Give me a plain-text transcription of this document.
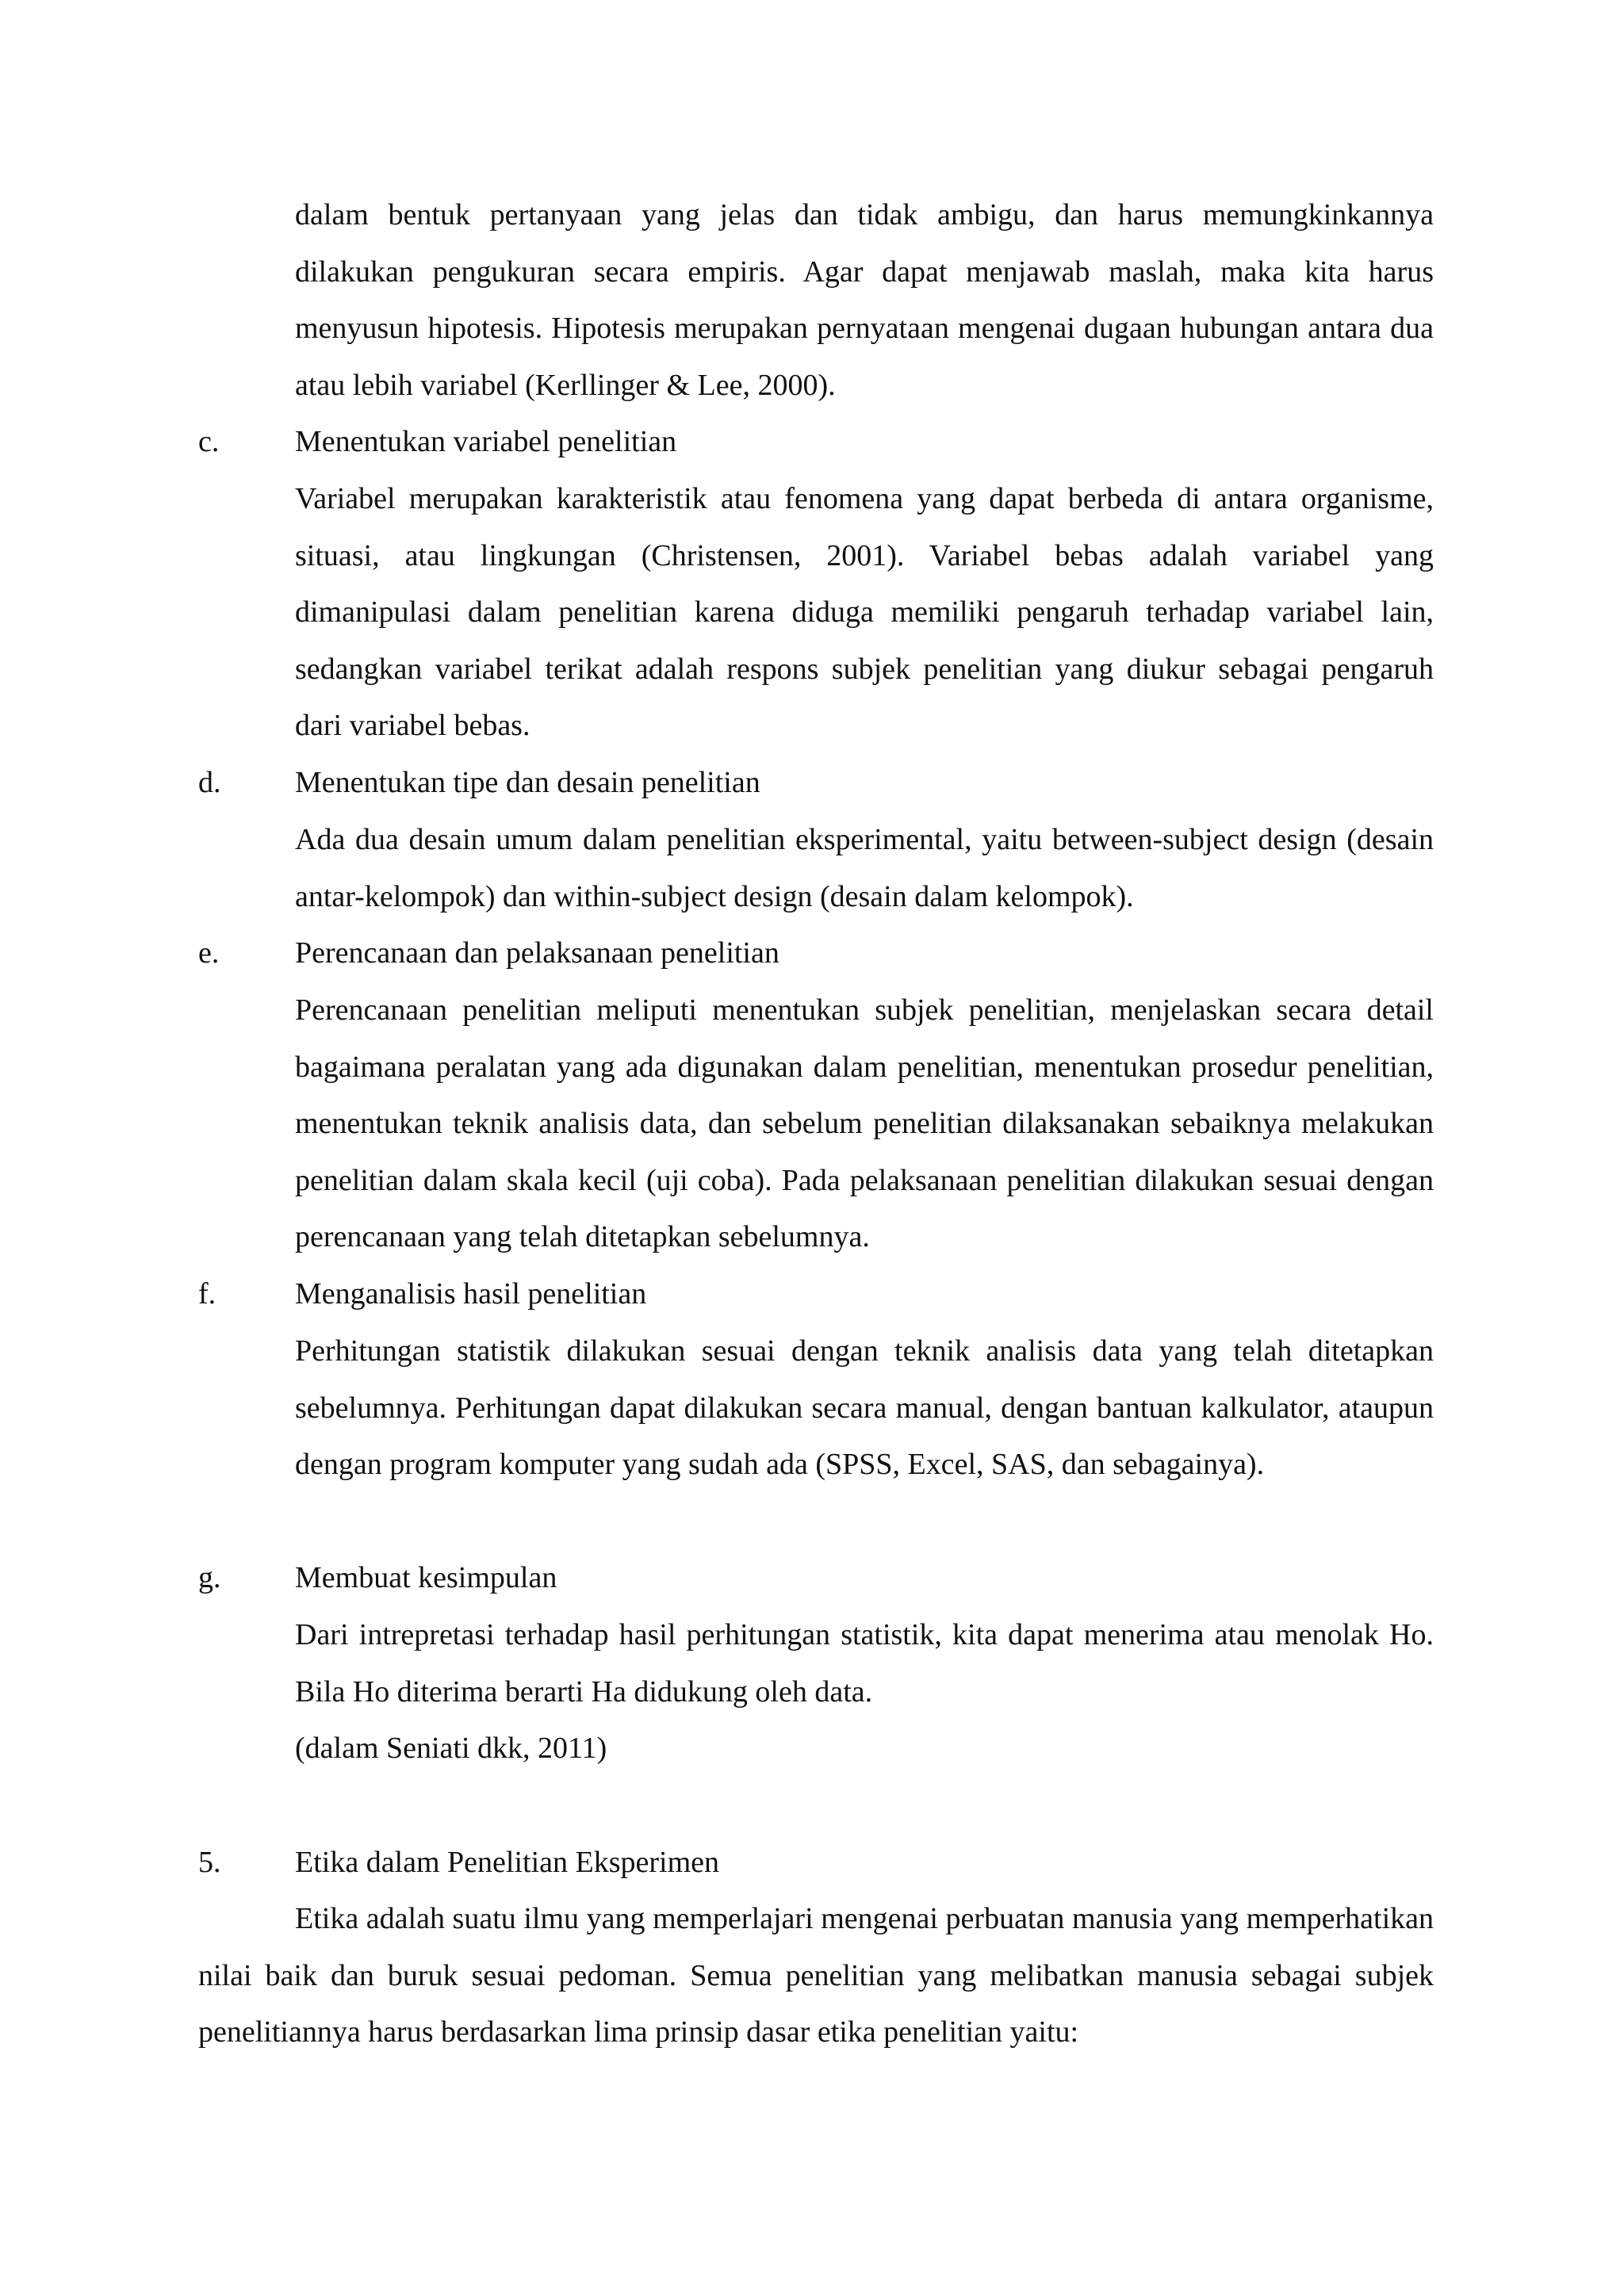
dalam bentuk pertanyaan yang jelas dan tidak ambigu, dan harus memungkinkannya dilakukan pengukuran secara empiris. Agar dapat menjawab maslah, maka kita harus menyusun hipotesis. Hipotesis merupakan pernyataan mengenai dugaan hubungan antara dua atau lebih variabel (Kerllinger & Lee, 2000).

c.	Menentukan variabel penelitian

Variabel merupakan karakteristik atau fenomena yang dapat berbeda di antara organisme, situasi, atau lingkungan (Christensen, 2001). Variabel bebas adalah variabel yang dimanipulasi dalam penelitian karena diduga memiliki pengaruh terhadap variabel lain, sedangkan variabel terikat adalah respons subjek penelitian yang diukur sebagai pengaruh dari variabel bebas.

d. Menentukan tipe dan desain penelitian

Ada dua desain umum dalam penelitian eksperimental, yaitu between-subject design (desain antar-kelompok) dan within-subject design (desain dalam kelompok).

e.	Perencanaan dan pelaksanaan penelitian

Perencanaan penelitian meliputi menentukan subjek penelitian, menjelaskan secara detail bagaimana peralatan yang ada digunakan dalam penelitian, menentukan prosedur penelitian, menentukan teknik analisis data, dan sebelum penelitian dilaksanakan sebaiknya melakukan penelitian dalam skala kecil (uji coba). Pada pelaksanaan penelitian dilakukan sesuai dengan perencanaan yang telah ditetapkan sebelumnya.

f.	Menganalisis hasil penelitian

Perhitungan statistik dilakukan sesuai dengan teknik analisis data yang telah ditetapkan sebelumnya. Perhitungan dapat dilakukan secara manual, dengan bantuan kalkulator, ataupun dengan program komputer yang sudah ada (SPSS, Excel, SAS, dan sebagainya).

g. Membuat kesimpulan

Dari intrepretasi terhadap hasil perhitungan statistik, kita dapat menerima atau menolak Ho. Bila Ho diterima berarti Ha didukung oleh data.

(dalam Seniati dkk, 2011)

5. Etika dalam Penelitian Eksperimen

Etika adalah suatu ilmu yang memperlajari mengenai perbuatan manusia yang memperhatikan nilai baik dan buruk sesuai pedoman. Semua penelitian yang melibatkan manusia sebagai subjek penelitiannya harus berdasarkan lima prinsip dasar etika penelitian yaitu:
